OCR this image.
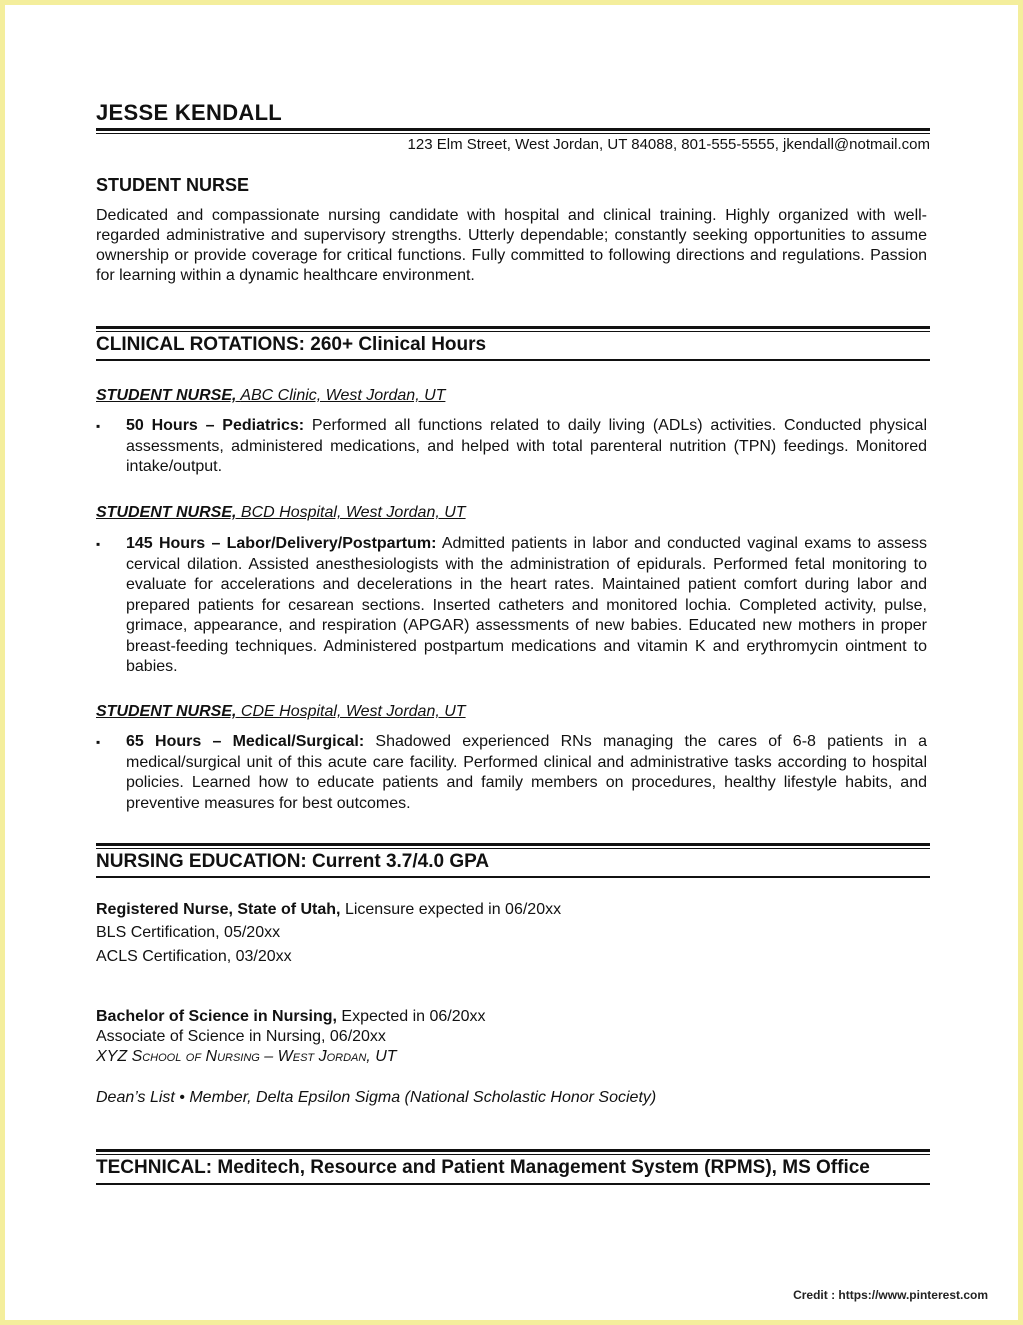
JESSE KENDALL
123 Elm Street, West Jordan, UT 84088, 801-555-5555, jkendall@notmail.com
STUDENT NURSE

Dedicated and compassionate nursing candidate with hospital and clinical training. Highly organized with well-regarded administrative and supervisory strengths. Utterly dependable; constantly seeking opportunities to assume ownership or provide coverage for critical functions. Fully committed to following directions and regulations. Passion for learning within a dynamic healthcare environment.

CLINICAL ROTATIONS: 260+ Clinical Hours
STUDENT NURSE, ABC Clinic, West Jordan, UT
▪ 50 Hours – Pediatrics: Performed all functions related to daily living (ADLs) activities. Conducted physical assessments, administered medications, and helped with total parenteral nutrition (TPN) feedings. Monitored intake/output.
STUDENT NURSE, BCD Hospital, West Jordan, UT
▪ 145 Hours – Labor/Delivery/Postpartum: Admitted patients in labor and conducted vaginal exams to assess cervical dilation. Assisted anesthesiologists with the administration of epidurals. Performed fetal monitoring to evaluate for accelerations and decelerations in the heart rates. Maintained patient comfort during labor and prepared patients for cesarean sections. Inserted catheters and monitored lochia. Completed activity, pulse, grimace, appearance, and respiration (APGAR) assessments of new babies. Educated new mothers in proper breast-feeding techniques. Administered postpartum medications and vitamin K and erythromycin ointment to babies.
STUDENT NURSE, CDE Hospital, West Jordan, UT
▪ 65 Hours – Medical/Surgical: Shadowed experienced RNs managing the cares of 6-8 patients in a medical/surgical unit of this acute care facility. Performed clinical and administrative tasks according to hospital policies. Learned how to educate patients and family members on procedures, healthy lifestyle habits, and preventive measures for best outcomes.
NURSING EDUCATION: Current 3.7/4.0 GPA
Registered Nurse, State of Utah, Licensure expected in 06/20xx
BLS Certification, 05/20xx
ACLS Certification, 03/20xx
Bachelor of Science in Nursing, Expected in 06/20xx
Associate of Science in Nursing, 06/20xx
XYZ School of Nursing – West Jordan, UT
Dean’s List • Member, Delta Epsilon Sigma (National Scholastic Honor Society)
TECHNICAL: Meditech, Resource and Patient Management System (RPMS), MS Office
Credit : https://www.pinterest.com
